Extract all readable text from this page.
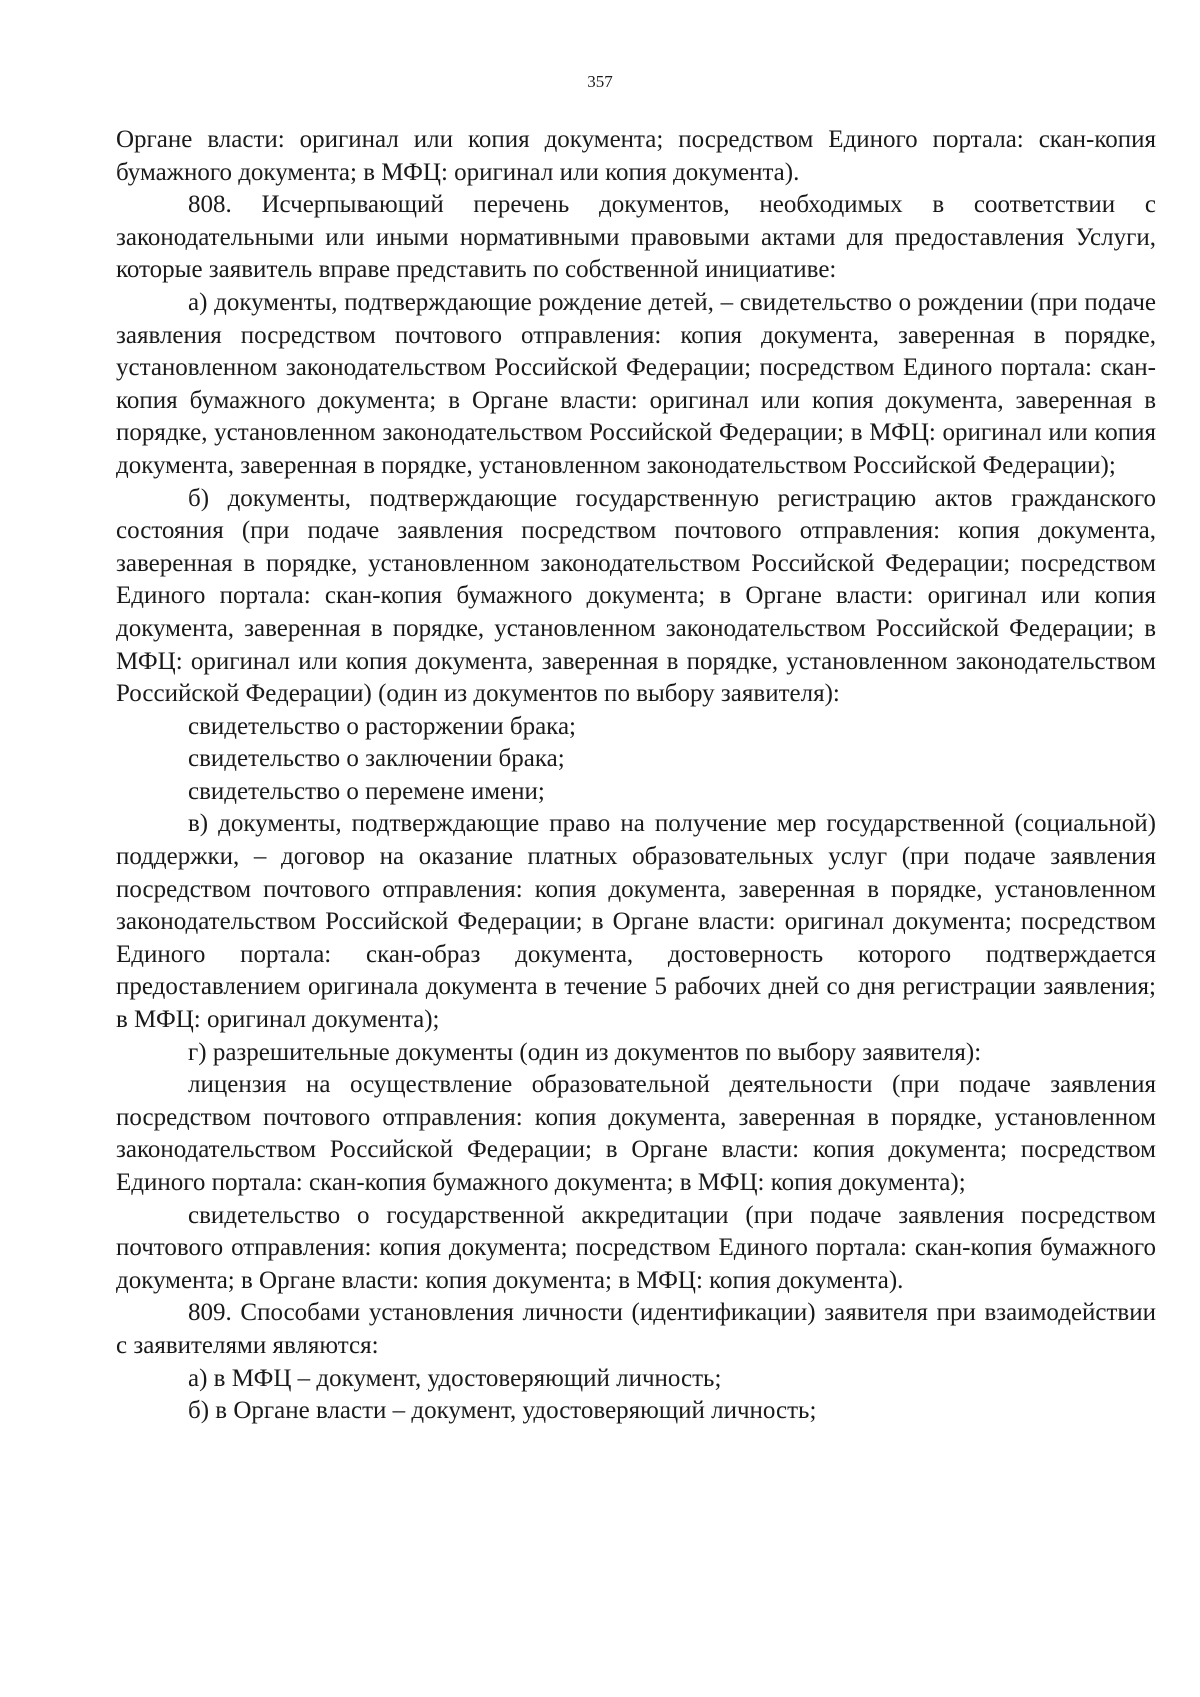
357

Органе власти: оригинал или копия документа; посредством Единого портала: скан-копия бумажного документа; в МФЦ: оригинал или копия документа).

808. Исчерпывающий перечень документов, необходимых в соответствии с законодательными или иными нормативными правовыми актами для предоставления Услуги, которые заявитель вправе представить по собственной инициативе:

а) документы, подтверждающие рождение детей, – свидетельство о рождении (при подаче заявления посредством почтового отправления: копия документа, заверенная в порядке, установленном законодательством Российской Федерации; посредством Единого портала: скан-копия бумажного документа; в Органе власти: оригинал или копия документа, заверенная в порядке, установленном законодательством Российской Федерации; в МФЦ: оригинал или копия документа, заверенная в порядке, установленном законодательством Российской Федерации);

б) документы, подтверждающие государственную регистрацию актов гражданского состояния (при подаче заявления посредством почтового отправления: копия документа, заверенная в порядке, установленном законодательством Российской Федерации; посредством Единого портала: скан-копия бумажного документа; в Органе власти: оригинал или копия документа, заверенная в порядке, установленном законодательством Российской Федерации; в МФЦ: оригинал или копия документа, заверенная в порядке, установленном законодательством Российской Федерации) (один из документов по выбору заявителя):

свидетельство о расторжении брака;

свидетельство о заключении брака;

свидетельство о перемене имени;

в) документы, подтверждающие право на получение мер государственной (социальной) поддержки, – договор на оказание платных образовательных услуг (при подаче заявления посредством почтового отправления: копия документа, заверенная в порядке, установленном законодательством Российской Федерации; в Органе власти: оригинал документа; посредством Единого портала: скан-образ документа, достоверность которого подтверждается предоставлением оригинала документа в течение 5 рабочих дней со дня регистрации заявления; в МФЦ: оригинал документа);

г) разрешительные документы (один из документов по выбору заявителя):

лицензия на осуществление образовательной деятельности (при подаче заявления посредством почтового отправления: копия документа, заверенная в порядке, установленном законодательством Российской Федерации; в Органе власти: копия документа; посредством Единого портала: скан-копия бумажного документа; в МФЦ: копия документа);

свидетельство о государственной аккредитации (при подаче заявления посредством почтового отправления: копия документа; посредством Единого портала: скан-копия бумажного документа; в Органе власти: копия документа; в МФЦ: копия документа).

809. Способами установления личности (идентификации) заявителя при взаимодействии с заявителями являются:

а) в МФЦ – документ, удостоверяющий личность;

б) в Органе власти – документ, удостоверяющий личность;
